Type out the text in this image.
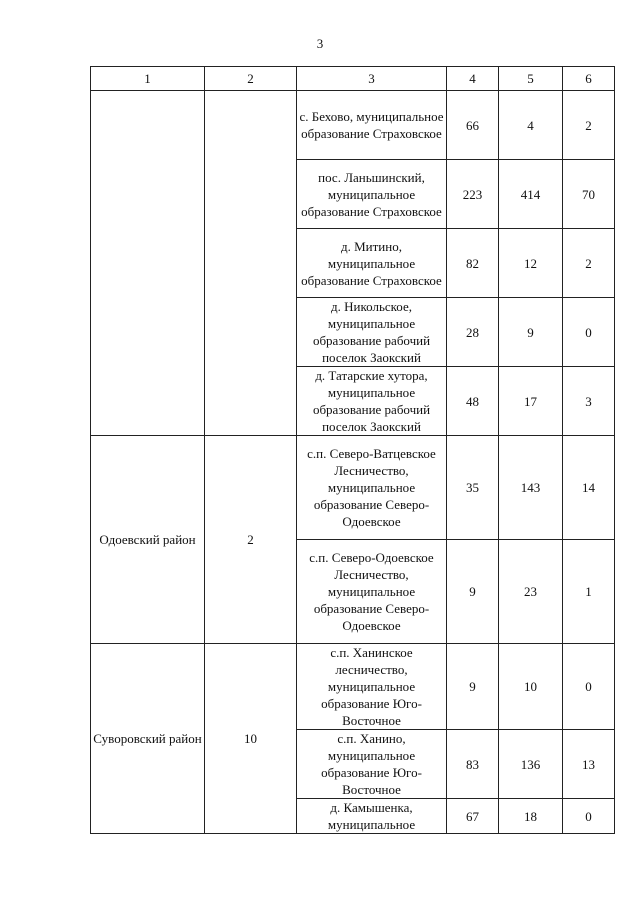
3
1	2	3	4	5	6
		с. Бехово, муниципальное образование Страховское	66	4	2
		пос. Ланьшинский, муниципальное образование Страховское	223	414	70
		д. Митино, муниципальное образование Страховское	82	12	2
		д. Никольское, муниципальное образование рабочий поселок Заокский	28	9	0
		д. Татарские хутора, муниципальное образование рабочий поселок Заокский	48	17	3
Одоевский район	2	с.п. Северо-Ватцевское Лесничество, муниципальное образование Северо-Одоевское	35	143	14
		с.п. Северо-Одоевское Лесничество, муниципальное образование Северо-Одоевское	9	23	1
Суворовский район	10	с.п. Ханинское лесничество, муниципальное образование Юго-Восточное	9	10	0
		с.п. Ханино, муниципальное образование Юго-Восточное	83	136	13
		д. Камышенка, муниципальное	67	18	0
